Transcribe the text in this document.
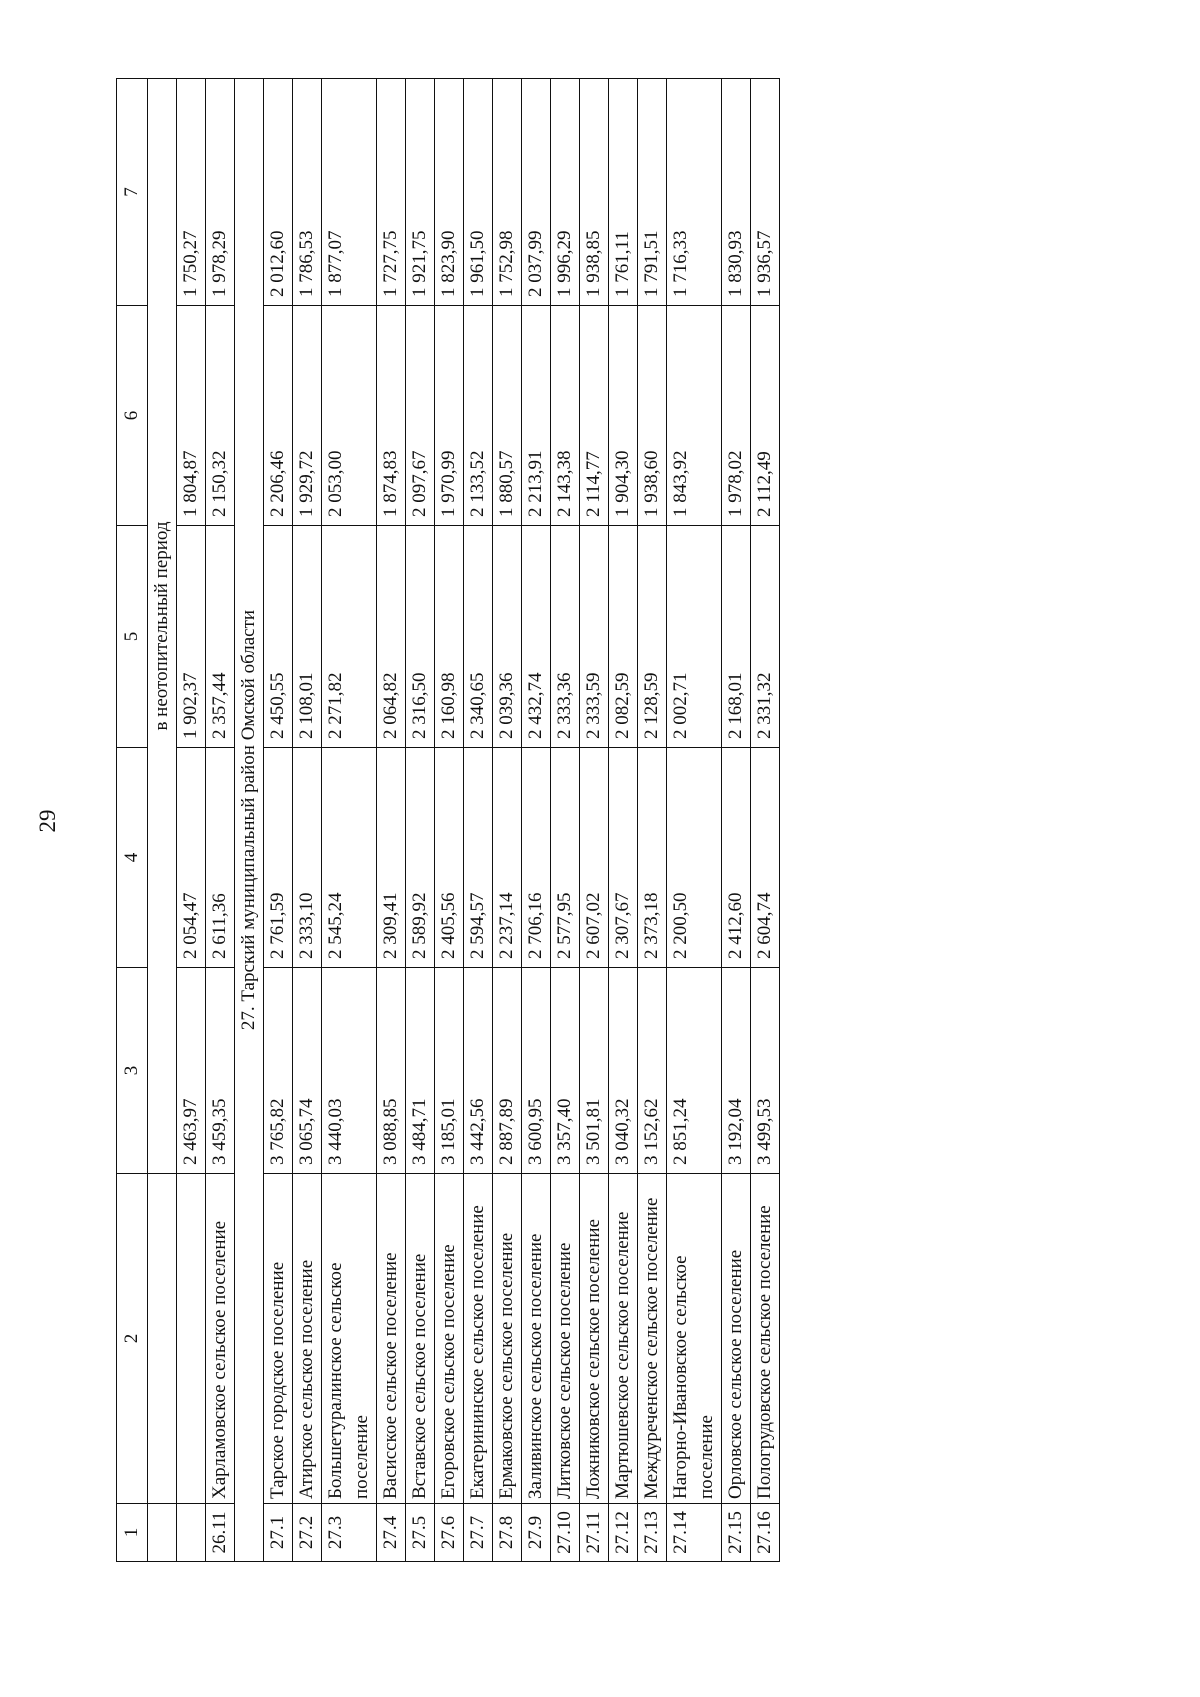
29
1	2	3	4	5	6	7
		в неотопительный период				
		2 463,97	2 054,47	1 902,37	1 804,87	1 750,27
26.11	Харламовское сельское поселение	3 459,35	2 611,36	2 357,44	2 150,32	1 978,29
27. Тарский муниципальный район Омской области						
27.1	Тарское городское поселение	3 765,82	2 761,59	2 450,55	2 206,46	2 012,60
27.2	Атирское сельское поселение	3 065,74	2 333,10	2 108,01	1 929,72	1 786,53
27.3	Большетуралинское сельское поселение	3 440,03	2 545,24	2 271,82	2 053,00	1 877,07
27.4	Васисское сельское поселение	3 088,85	2 309,41	2 064,82	1 874,83	1 727,75
27.5	Вставское сельское поселение	3 484,71	2 589,92	2 316,50	2 097,67	1 921,75
27.6	Егоровское сельское поселение	3 185,01	2 405,56	2 160,98	1 970,99	1 823,90
27.7	Екатерининское сельское поселение	3 442,56	2 594,57	2 340,65	2 133,52	1 961,50
27.8	Ермаковское сельское поселение	2 887,89	2 237,14	2 039,36	1 880,57	1 752,98
27.9	Заливинское сельское поселение	3 600,95	2 706,16	2 432,74	2 213,91	2 037,99
27.10	Литковское сельское поселение	3 357,40	2 577,95	2 333,36	2 143,38	1 996,29
27.11	Ложниковское сельское поселение	3 501,81	2 607,02	2 333,59	2 114,77	1 938,85
27.12	Мартюшевское сельское поселение	3 040,32	2 307,67	2 082,59	1 904,30	1 761,11
27.13	Междуреченское сельское поселение	3 152,62	2 373,18	2 128,59	1 938,60	1 791,51
27.14	Нагорно-Ивановское сельское поселение	2 851,24	2 200,50	2 002,71	1 843,92	1 716,33
27.15	Орловское сельское поселение	3 192,04	2 412,60	2 168,01	1 978,02	1 830,93
27.16	Пологрудовское сельское поселение	3 499,53	2 604,74	2 331,32	2 112,49	1 936,57
